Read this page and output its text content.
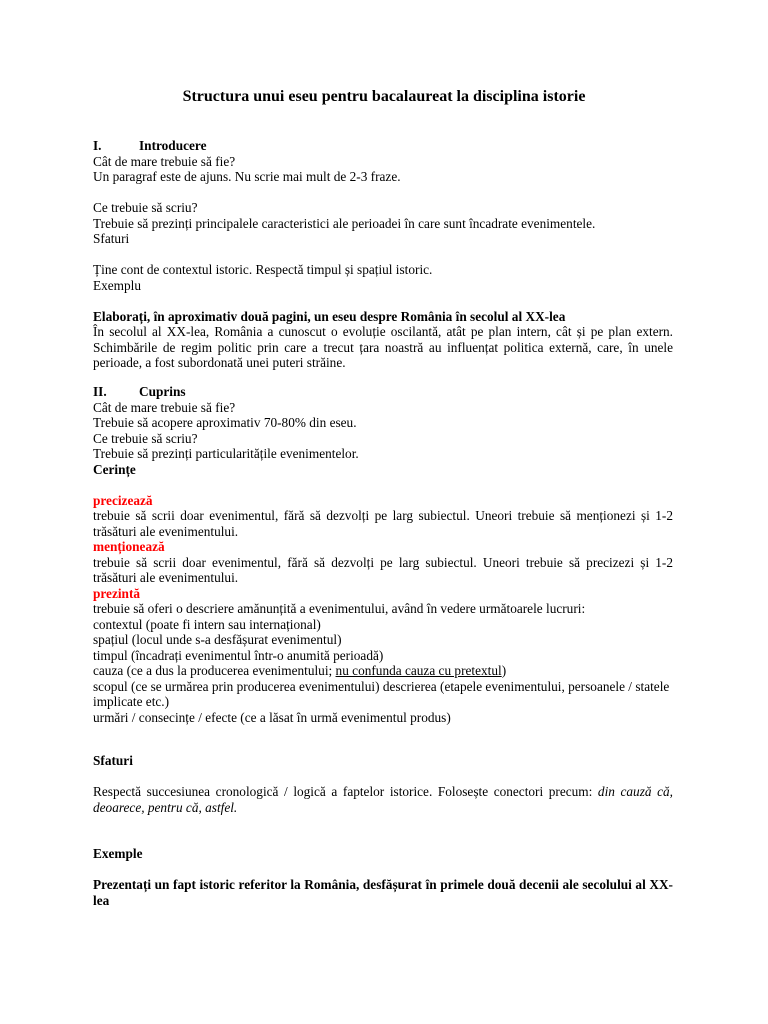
Structura unui eseu pentru bacalaureat la disciplina istorie

I.	Introducere

Cât de mare trebuie să fie?

Un paragraf este de ajuns. Nu scrie mai mult de 2-3 fraze.

Ce trebuie să scriu?

Trebuie să prezinți principalele caracteristici ale perioadei în care sunt încadrate evenimentele.

Sfaturi

Ține cont de contextul istoric. Respectă timpul și spațiul istoric.

Exemplu

Elaborați, în aproximativ două pagini, un eseu despre România în secolul al XX-lea

În secolul al XX-lea, România a cunoscut o evoluție oscilantă, atât pe plan intern, cât și pe plan extern. Schimbările de regim politic prin care a trecut țara noastră au influențat politica externă, care, în unele perioade, a fost subordonată unei puteri străine.

II. Cuprins

Cât de mare trebuie să fie?

Trebuie să acopere aproximativ 70-80% din eseu.

Ce trebuie să scriu?

Trebuie să prezinți particularitățile evenimentelor.

Cerințe

precizează

trebuie să scrii doar evenimentul, fără să dezvolți pe larg subiectul. Uneori trebuie să menționezi și 1-2 trăsături ale evenimentului.

menționează

trebuie să scrii doar evenimentul, fără să dezvolți pe larg subiectul. Uneori trebuie să precizezi și 1-2 trăsături ale evenimentului.

prezintă

trebuie să oferi o descriere amănunțită a evenimentului, având în vedere următoarele lucruri:

contextul (poate fi intern sau internațional)

spațiul (locul unde s-a desfășurat evenimentul)

timpul (încadrați evenimentul într-o anumită perioadă)

cauza (ce a dus la producerea evenimentului; nu confunda cauza cu pretextul)

scopul (ce se urmărea prin producerea evenimentului) descrierea (etapele evenimentului, persoanele / statele implicate etc.)

urmări / consecințe / efecte (ce a lăsat în urmă evenimentul produs)

Sfaturi

Respectă succesiunea cronologică / logică a faptelor istorice. Folosește conectori precum: din cauză că, deoarece, pentru că, astfel.

Exemple

Prezentați un fapt istoric referitor la România, desfășurat în primele două decenii ale secolului al XX-lea
